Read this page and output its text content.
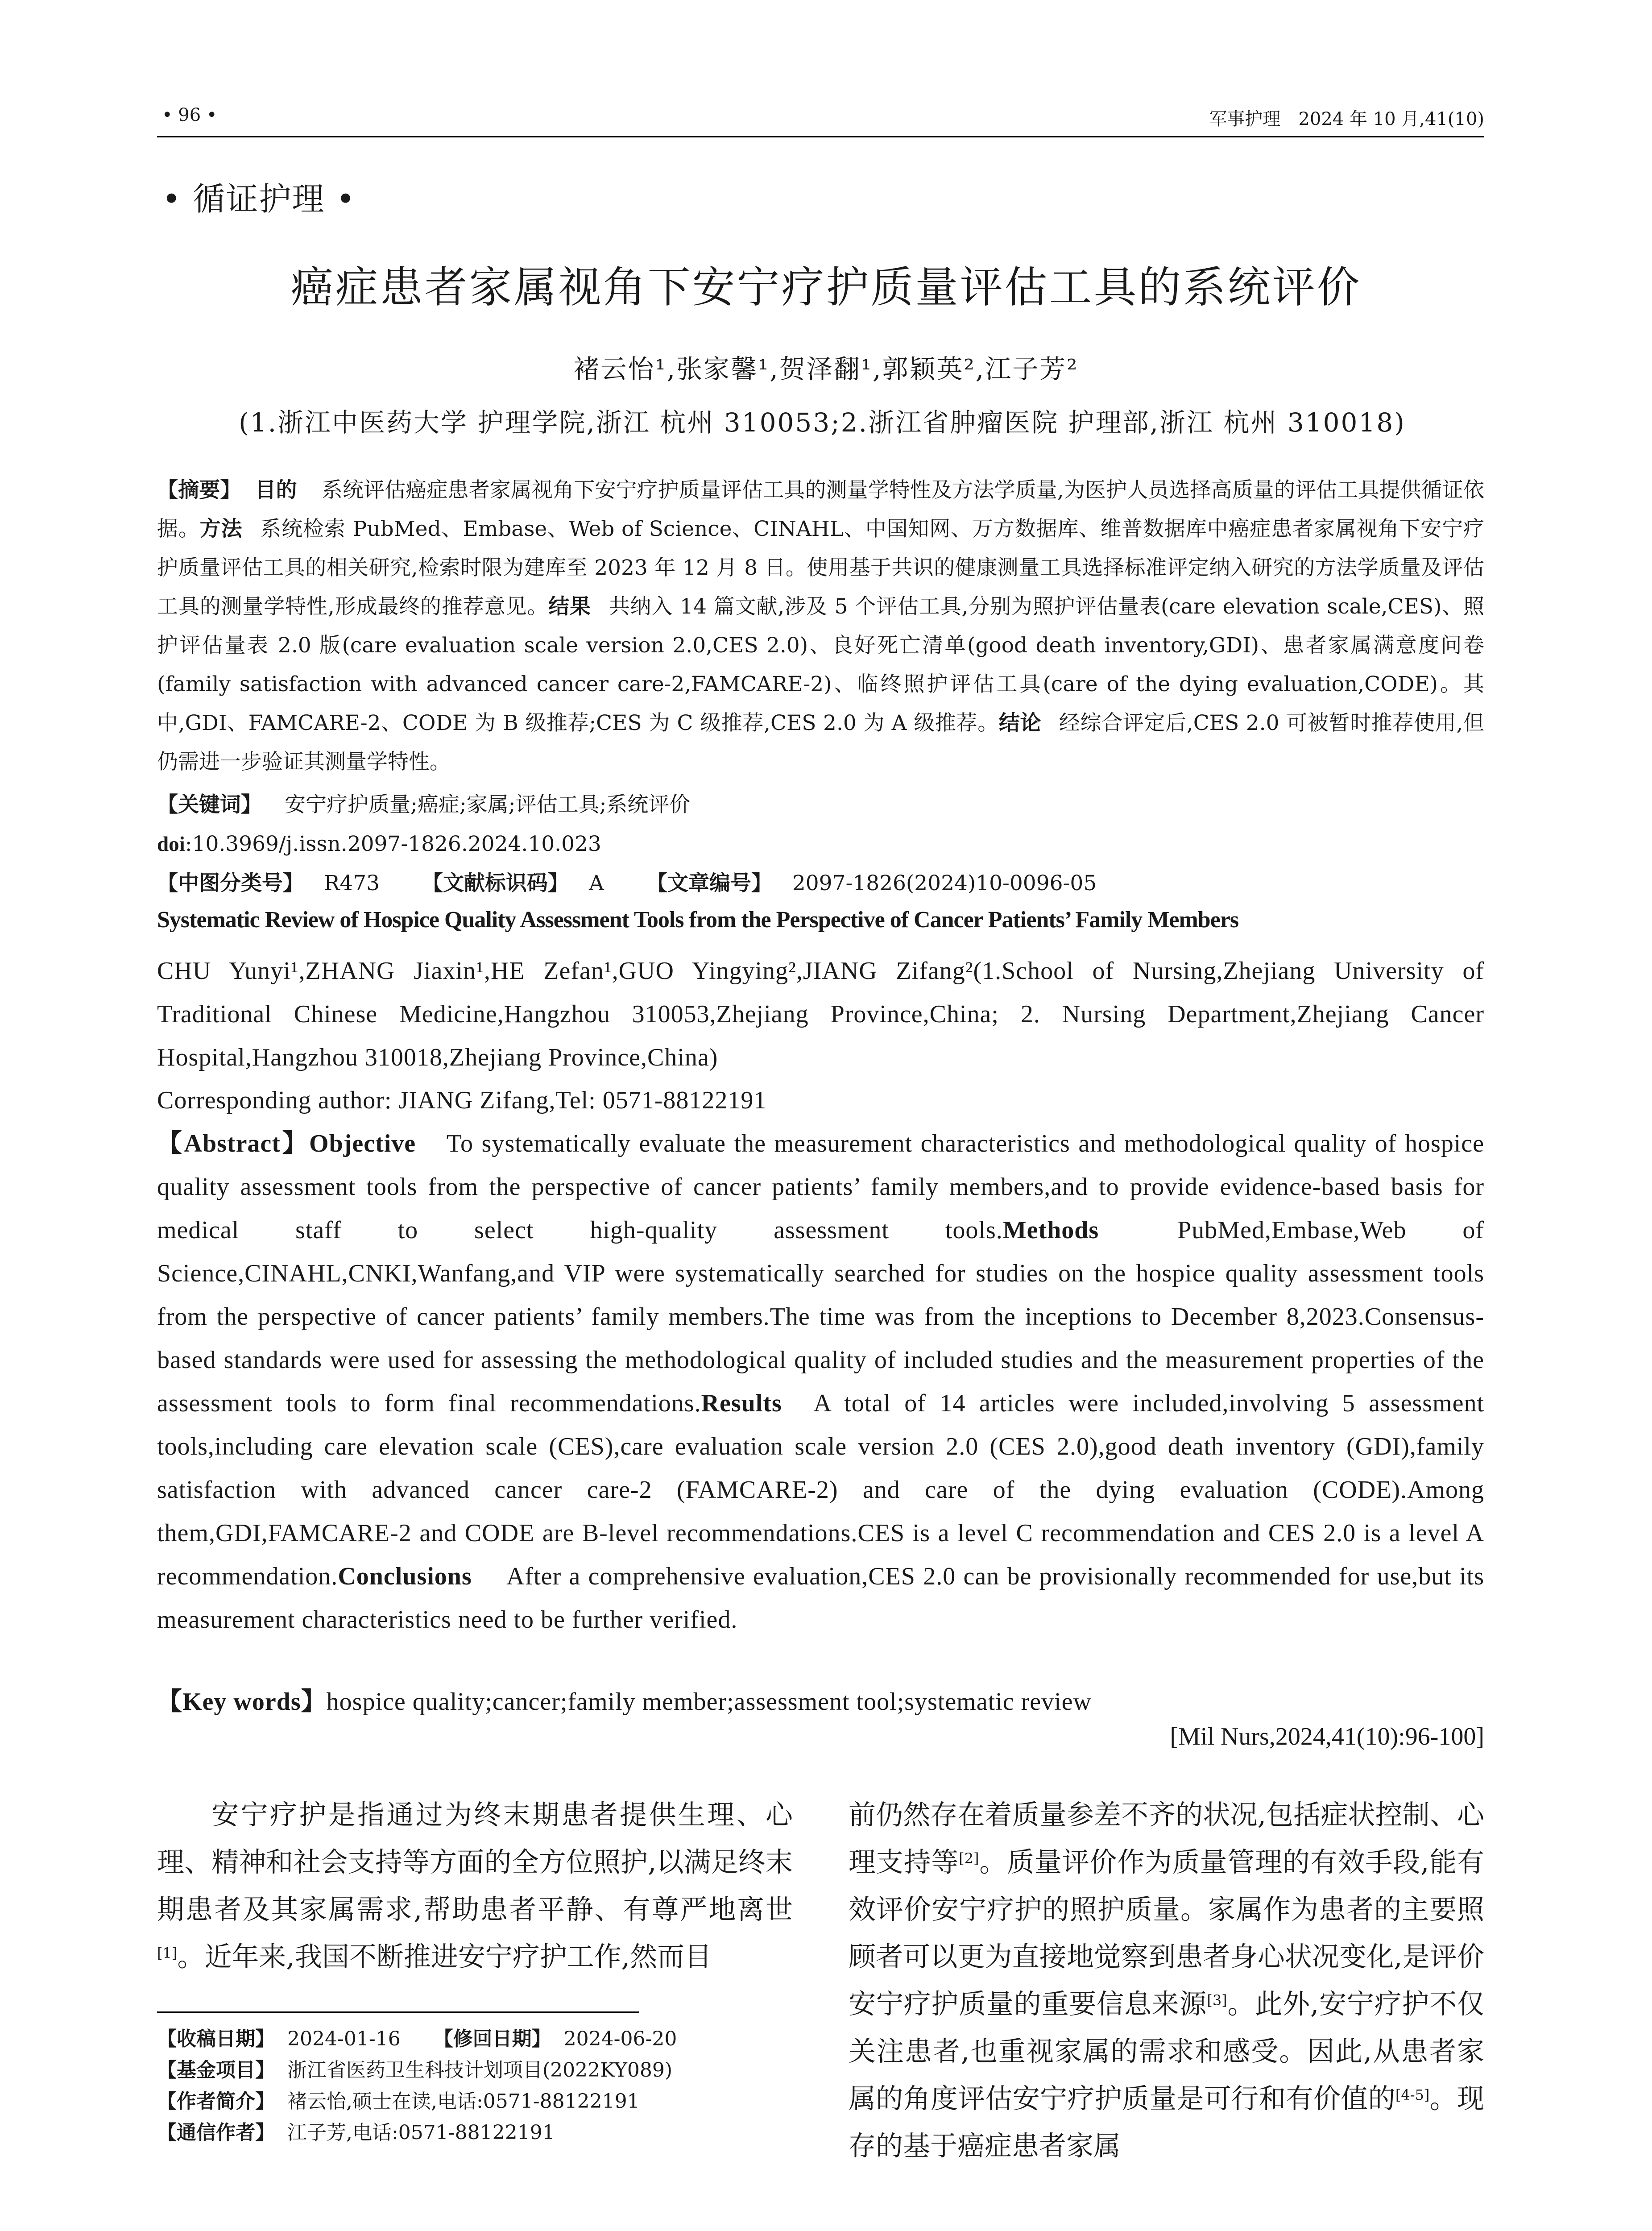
• 96 •	军事护理　2024 年 10 月,41(10)
• 循证护理 •
癌症患者家属视角下安宁疗护质量评估工具的系统评价
褚云怡¹,张家馨¹,贺泽翻¹,郭颖英²,江子芳²
(1.浙江中医药大学 护理学院,浙江 杭州 310053;2.浙江省肿瘤医院 护理部,浙江 杭州 310018)
【摘要】 目的 系统评估癌症患者家属视角下安宁疗护质量评估工具的测量学特性及方法学质量,为医护人员选择高质量的评估工具提供循证依据。方法 系统检索 PubMed、Embase、Web of Science、CINAHL、中国知网、万方数据库、维普数据库中癌症患者家属视角下安宁疗护质量评估工具的相关研究,检索时限为建库至 2023 年 12 月 8 日。使用基于共识的健康测量工具选择标准评定纳入研究的方法学质量及评估工具的测量学特性,形成最终的推荐意见。结果 共纳入 14 篇文献,涉及 5 个评估工具,分别为照护评估量表(care elevation scale,CES)、照护评估量表 2.0 版(care evaluation scale version 2.0,CES 2.0)、良好死亡清单(good death inventory,GDI)、患者家属满意度问卷(family satisfaction with advanced cancer care-2,FAMCARE-2)、临终照护评估工具(care of the dying evaluation,CODE)。其中,GDI、FAMCARE-2、CODE 为 B 级推荐;CES 为 C 级推荐,CES 2.0 为 A 级推荐。结论 经综合评定后,CES 2.0 可被暂时推荐使用,但仍需进一步验证其测量学特性。
【关键词】 安宁疗护质量;癌症;家属;评估工具;系统评价
doi:10.3969/j.issn.2097-1826.2024.10.023
【中图分类号】 R473 【文献标识码】 A 【文章编号】 2097-1826(2024)10-0096-05
Systematic Review of Hospice Quality Assessment Tools from the Perspective of Cancer Patients’ Family Members
CHU Yunyi¹,ZHANG Jiaxin¹,HE Zefan¹,GUO Yingying²,JIANG Zifang²(1.School of Nursing,Zhejiang University of Traditional Chinese Medicine,Hangzhou 310053,Zhejiang Province,China; 2. Nursing Department,Zhejiang Cancer Hospital,Hangzhou 310018,Zhejiang Province,China)
Corresponding author: JIANG Zifang,Tel: 0571-88122191
【Abstract】Objective To systematically evaluate the measurement characteristics and methodological quality of hospice quality assessment tools from the perspective of cancer patients’ family members,and to provide evidence-based basis for medical staff to select high-quality assessment tools.Methods	PubMed,Embase,Web of Science,CINAHL,CNKI,Wanfang,and VIP were systematically searched for studies on the hospice quality assessment tools from the perspective of cancer patients’ family members.The time was from the inceptions to December 8,2023.Consensus-based standards were used for assessing the methodological quality of included studies and the measurement properties of the assessment tools to form final recommendations.Results A total of 14 articles were included,involving 5 assessment tools,including care elevation scale (CES),care evaluation scale version 2.0 (CES 2.0),good death inventory (GDI),family satisfaction with advanced cancer care-2 (FAMCARE-2) and care of the dying evaluation (CODE).Among them,GDI,FAMCARE-2 and CODE are B-level recommendations.CES is a level C recommendation and CES 2.0 is a level A recommendation.Conclusions After a comprehensive evaluation,CES 2.0 can be provisionally recommended for use,but its measurement characteristics need to be further verified.
【Key words】hospice quality;cancer;family member;assessment tool;systematic review
[Mil Nurs,2024,41(10):96-100]
安宁疗护是指通过为终末期患者提供生理、心理、精神和社会支持等方面的全方位照护,以满足终末期患者及其家属需求,帮助患者平静、有尊严地离世[1]。近年来,我国不断推进安宁疗护工作,然而目
前仍然存在着质量参差不齐的状况,包括症状控制、心理支持等[2]。质量评价作为质量管理的有效手段,能有效评价安宁疗护的照护质量。家属作为患者的主要照顾者可以更为直接地觉察到患者身心状况变化,是评价安宁疗护质量的重要信息来源[3]。此外,安宁疗护不仅关注患者,也重视家属的需求和感受。因此,从患者家属的角度评估安宁疗护质量是可行和有价值的[4-5]。现存的基于癌症患者家属
【收稿日期】 2024-01-16 【修回日期】 2024-06-20
【基金项目】 浙江省医药卫生科技计划项目(2022KY089)
【作者简介】 褚云怡,硕士在读,电话:0571-88122191
【通信作者】 江子芳,电话:0571-88122191
